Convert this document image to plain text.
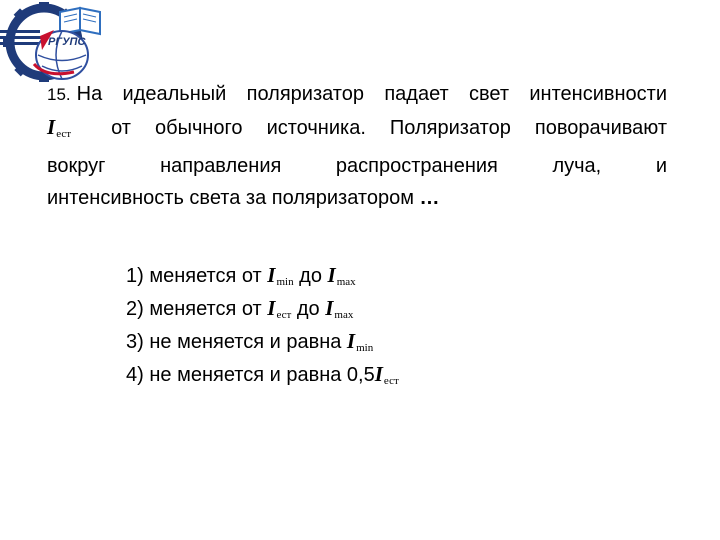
РГУПС
15. На идеальный поляризатор падает свет интенсивности
$I_{ест}$ от обычного источника. Поляризатор поворачивают
вокруг направления распространения луча, и
интенсивность света за поляризатором …
1) меняется от $I_{min}$ до $I_{max}$
2) меняется от $I_{ест}$ до $I_{max}$
3) не меняется и равна $I_{min}$
4) не меняется и равна $0,5I_{ест}$
